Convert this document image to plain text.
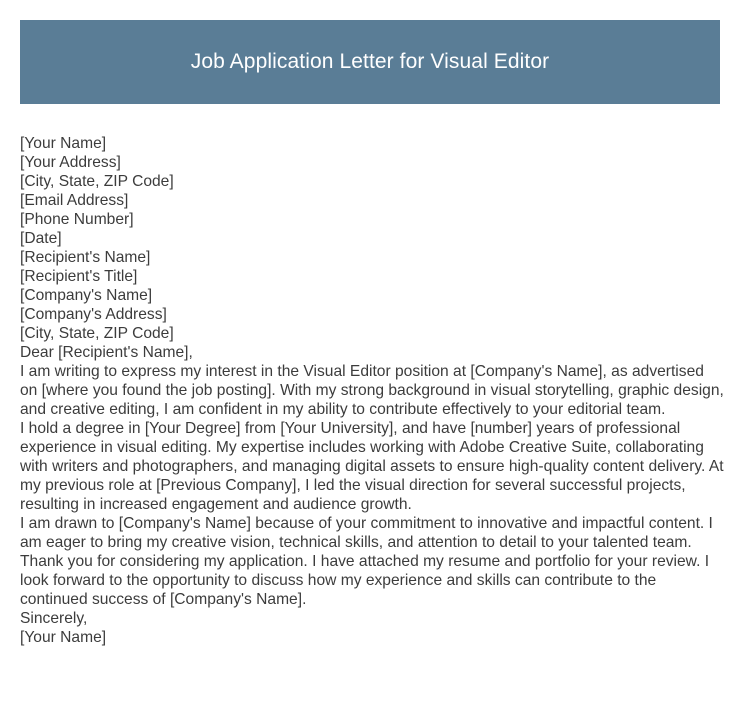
Job Application Letter for Visual Editor
[Your Name]
[Your Address]
[City, State, ZIP Code]
[Email Address]
[Phone Number]
[Date]
[Recipient's Name]
[Recipient's Title]
[Company's Name]
[Company's Address]
[City, State, ZIP Code]
Dear [Recipient's Name],

I am writing to express my interest in the Visual Editor position at [Company's Name], as advertised on [where you found the job posting]. With my strong background in visual storytelling, graphic design, and creative editing, I am confident in my ability to contribute effectively to your editorial team.

I hold a degree in [Your Degree] from [Your University], and have [number] years of professional experience in visual editing. My expertise includes working with Adobe Creative Suite, collaborating with writers and photographers, and managing digital assets to ensure high-quality content delivery. At my previous role at [Previous Company], I led the visual direction for several successful projects, resulting in increased engagement and audience growth.

I am drawn to [Company's Name] because of your commitment to innovative and impactful content. I am eager to bring my creative vision, technical skills, and attention to detail to your talented team.

Thank you for considering my application. I have attached my resume and portfolio for your review. I look forward to the opportunity to discuss how my experience and skills can contribute to the continued success of [Company's Name].

Sincerely,
[Your Name]
